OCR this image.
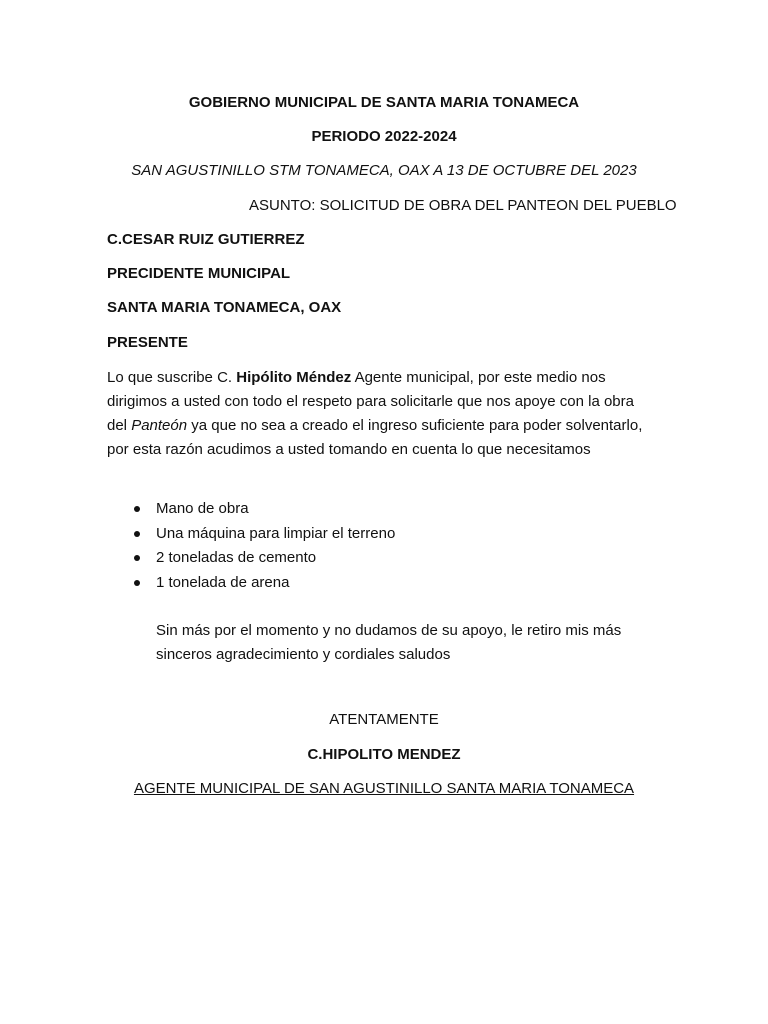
GOBIERNO MUNICIPAL DE SANTA MARIA TONAMECA
PERIODO 2022-2024
SAN AGUSTINILLO STM TONAMECA, OAX A 13 DE OCTUBRE DEL 2023
ASUNTO: SOLICITUD DE OBRA DEL PANTEON DEL PUEBLO
C.CESAR RUIZ GUTIERREZ
PRECIDENTE MUNICIPAL
SANTA MARIA TONAMECA, OAX
PRESENTE
Lo que suscribe C. Hipólito Méndez Agente municipal, por este medio nos dirigimos a usted con todo el respeto para solicitarle que nos apoye con la obra del Panteón ya que no sea a creado el ingreso suficiente para poder solventarlo, por esta razón acudimos a usted tomando en cuenta lo que necesitamos
Mano de obra
Una máquina para limpiar el terreno
2 toneladas de cemento
1 tonelada de arena
Sin más por el momento y no dudamos de su apoyo, le retiro mis más sinceros agradecimiento y cordiales saludos
ATENTAMENTE
C.HIPOLITO MENDEZ
AGENTE MUNICIPAL DE SAN AGUSTINILLO SANTA MARIA TONAMECA
